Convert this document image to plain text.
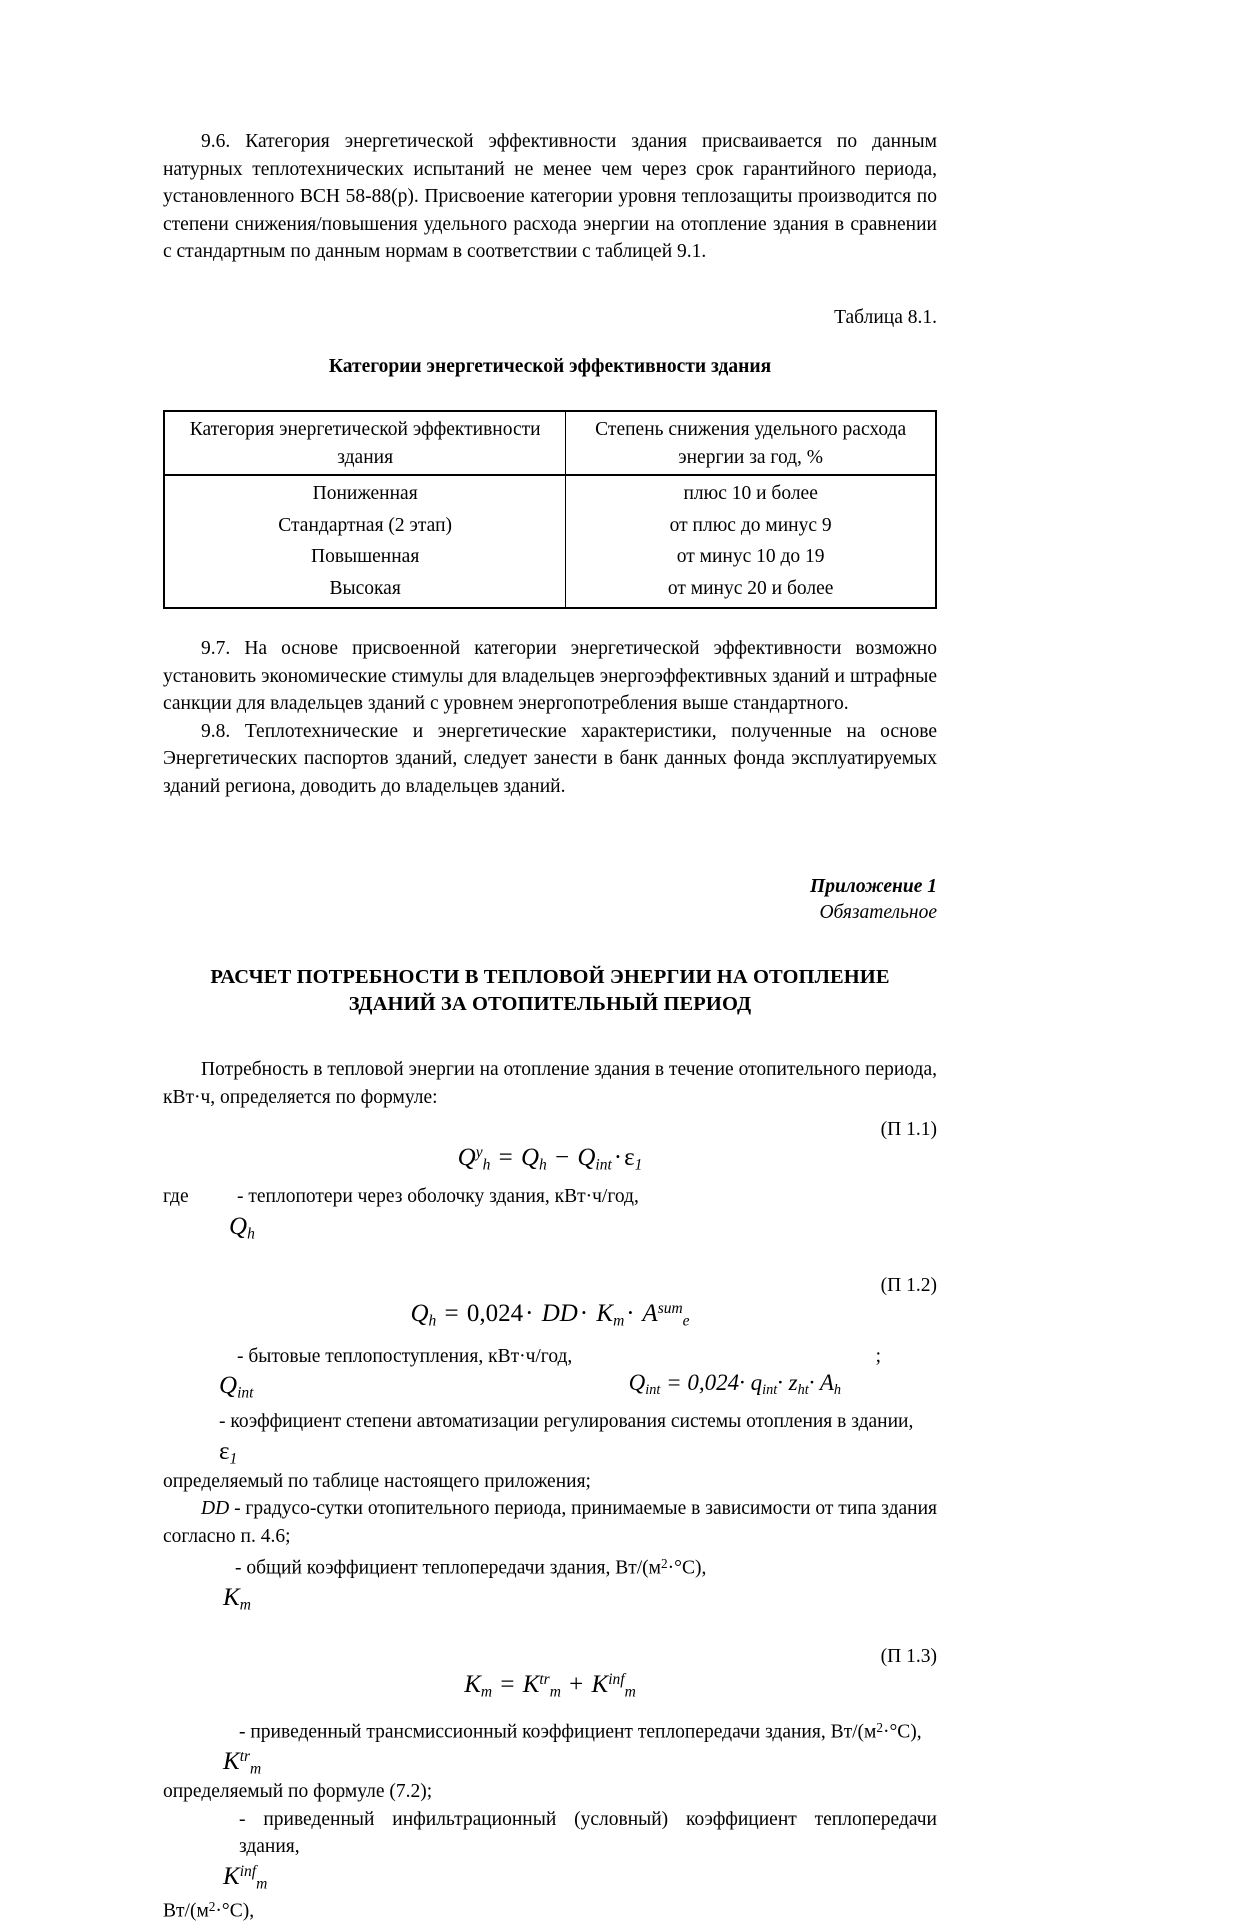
9.6. Категория энергетической эффективности здания присваивается по данным натурных теплотехнических испытаний не менее чем через срок гарантийного периода, установленного ВСН 58-88(р). Присвоение категории уровня теплозащиты производится по степени снижения/повышения удельного расхода энергии на отопление здания в сравнении с стандартным по данным нормам в соответствии с таблицей 9.1.

Таблица 8.1.
Категории энергетической эффективности здания
Категория энергетической эффективности здания	Степень снижения удельного расхода энергии за год, %
Пониженная	плюс 10 и более
Стандартная (2 этап)	от плюс до минус 9
Повышенная	от минус 10 до 19
Высокая	от минус 20 и более

9.7. На основе присвоенной категории энергетической эффективности возможно установить экономические стимулы для владельцев энергоэффективных зданий и штрафные санкции для владельцев зданий с уровнем энергопотребления выше стандартного.

9.8. Теплотехнические и энергетические характеристики, полученные на основе Энергетических паспортов зданий, следует занести в банк данных фонда эксплуатируемых зданий региона, доводить до владельцев зданий.

Приложение 1
Обязательное
РАСЧЕТ ПОТРЕБНОСТИ В ТЕПЛОВОЙ ЭНЕРГИИ НА ОТОПЛЕНИЕ
ЗДАНИЙ ЗА ОТОПИТЕЛЬНЫЙ ПЕРИОД

Потребность в тепловой энергии на отопление здания в течение отопительного периода, кВт·ч, определяется по формуле:

(П 1.1)
$Q^y_h = Q_h - Q_{int}\cdot\varepsilon_1$
где	- теплопотери через оболочку здания, кВт·ч/год,
$Q_h$
(П 1.2)
$Q_h = 0,024\cdot DD\cdot K_m\cdot A^{sum}_e$
- бытовые теплопоступления, кВт·ч/год,	;
$Q_{int}$	$Q_{int} = 0,024\cdot q_{int}\cdot z_{ht}\cdot A_h$
- коэффициент степени автоматизации регулирования системы отопления в здании,
$\varepsilon_1$
определяемый по таблице настоящего приложения;
DD - градусо-сутки отопительного периода, принимаемые в зависимости от типа здания согласно п. 4.6;
- общий коэффициент теплопередачи здания, $Вт/(м^2\cdot^\circ С)$,
$K_m$
(П 1.3)
$K_m = K^{tr}_m + K^{inf}_m$
- приведенный трансмиссионный коэффициент теплопередачи здания, $Вт/(м^2\cdot^\circ С)$,
$K^{tr}_m$
определяемый по формуле (7.2);
- приведенный инфильтрационный (условный) коэффициент теплопередачи здания,
$K^{inf}_m$
$Вт/(м^2\cdot^\circ С)$,
